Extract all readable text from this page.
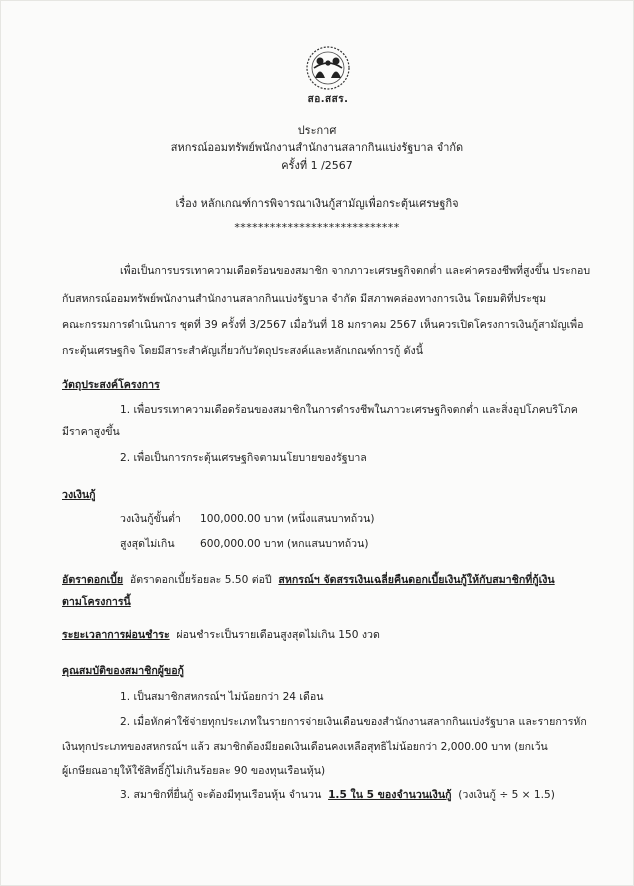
สอ.สสร.
ประกาศ
สหกรณ์ออมทรัพย์พนักงานสำนักงานสลากกินแบ่งรัฐบาล จำกัด
ครั้งที่ 1 /2567
เรื่อง หลักเกณฑ์การพิจารณาเงินกู้สามัญเพื่อกระตุ้นเศรษฐกิจ
****************************
เพื่อเป็นการบรรเทาความเดือดร้อนของสมาชิก จากภาวะเศรษฐกิจตกต่ำ และค่าครองชีพที่สูงขึ้น ประกอบ
กับสหกรณ์ออมทรัพย์พนักงานสำนักงานสลากกินแบ่งรัฐบาล จำกัด มีสภาพคล่องทางการเงิน โดยมติที่ประชุม
คณะกรรมการดำเนินการ ชุดที่ 39 ครั้งที่ 3/2567 เมื่อวันที่ 18 มกราคม 2567 เห็นควรเปิดโครงการเงินกู้สามัญเพื่อ
กระตุ้นเศรษฐกิจ โดยมีสาระสำคัญเกี่ยวกับวัตถุประสงค์และหลักเกณฑ์การกู้ ดังนี้
วัตถุประสงค์โครงการ
1. เพื่อบรรเทาความเดือดร้อนของสมาชิกในการดำรงชีพในภาวะเศรษฐกิจตกต่ำ และสิ่งอุปโภคบริโภค
มีราคาสูงขึ้น
2. เพื่อเป็นการกระตุ้นเศรษฐกิจตามนโยบายของรัฐบาล
วงเงินกู้
วงเงินกู้ขั้นต่ำ 100,000.00 บาท (หนึ่งแสนบาทถ้วน)
สูงสุดไม่เกิน 600,000.00 บาท (หกแสนบาทถ้วน)
อัตราดอกเบี้ย อัตราดอกเบี้ยร้อยละ 5.50 ต่อปี สหกรณ์ฯ จัดสรรเงินเฉลี่ยคืนดอกเบี้ยเงินกู้ให้กับสมาชิกที่กู้เงิน
ตามโครงการนี้
ระยะเวลาการผ่อนชำระ ผ่อนชำระเป็นรายเดือนสูงสุดไม่เกิน 150 งวด
คุณสมบัติของสมาชิกผู้ขอกู้
1. เป็นสมาชิกสหกรณ์ฯ ไม่น้อยกว่า 24 เดือน
2. เมื่อหักค่าใช้จ่ายทุกประเภทในรายการจ่ายเงินเดือนของสำนักงานสลากกินแบ่งรัฐบาล และรายการหัก
เงินทุกประเภทของสหกรณ์ฯ แล้ว สมาชิกต้องมียอดเงินเดือนคงเหลือสุทธิไม่น้อยกว่า 2,000.00 บาท (ยกเว้น
ผู้เกษียณอายุให้ใช้สิทธิ์กู้ไม่เกินร้อยละ 90 ของทุนเรือนหุ้น)
3. สมาชิกที่ยื่นกู้ จะต้องมีทุนเรือนหุ้น จำนวน 1.5 ใน 5 ของจำนวนเงินกู้ (วงเงินกู้ ÷ 5 × 1.5)
